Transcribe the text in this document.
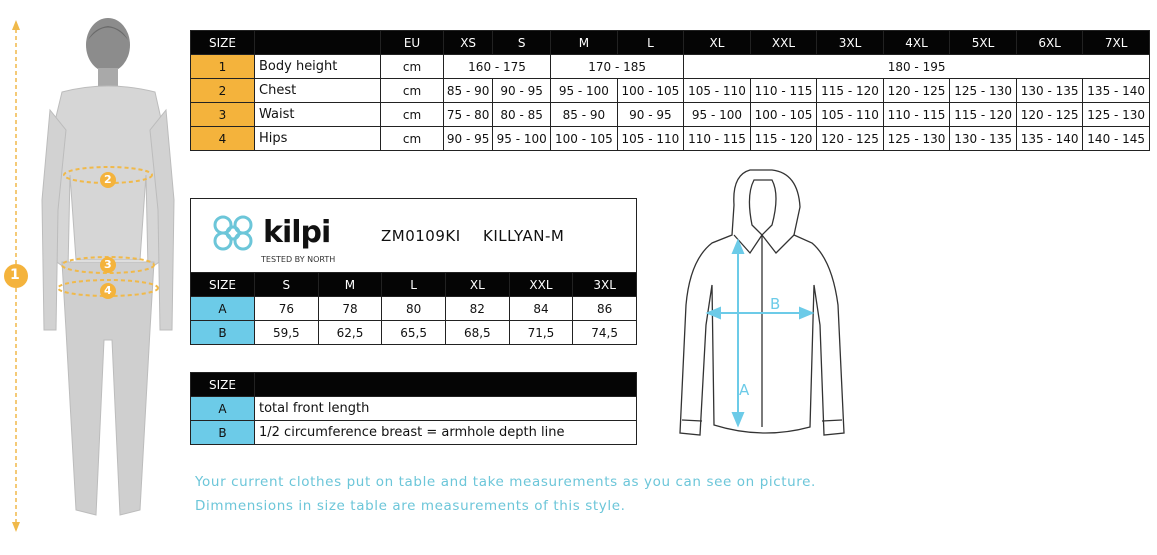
1
2
3
4
SIZE		EU	XS	S	M	L	XL	XXL	3XL	4XL	5XL	6XL	7XL
1	Body height	cm	160 - 175		170 - 185		180 - 195						
2	Chest	cm	85 - 90	90 - 95	95 - 100	100 - 105	105 - 110	110 - 115	115 - 120	120 - 125	125 - 130	130 - 135	135 - 140
3	Waist	cm	75 - 80	80 - 85	85 - 90	90 - 95	95 - 100	100 - 105	105 - 110	110 - 115	115 - 120	120 - 125	125 - 130
4	Hips	cm	90 - 95	95 - 100	100 - 105	105 - 110	110 - 115	115 - 120	120 - 125	125 - 130	130 - 135	135 - 140	140 - 145
kilpi
TESTED BY NORTH
ZM0109KI KILLYAN-M
SIZE	S	M	L	XL	XXL	3XL
A	76	78	80	82	84	86
B	59,5	62,5	65,5	68,5	71,5	74,5
SIZE	
A	total front length
B	1/2 circumference breast = armhole depth line
A
B
Your current clothes put on table and take measurements as you can see on picture.
Dimmensions in size table are measurements of this style.
